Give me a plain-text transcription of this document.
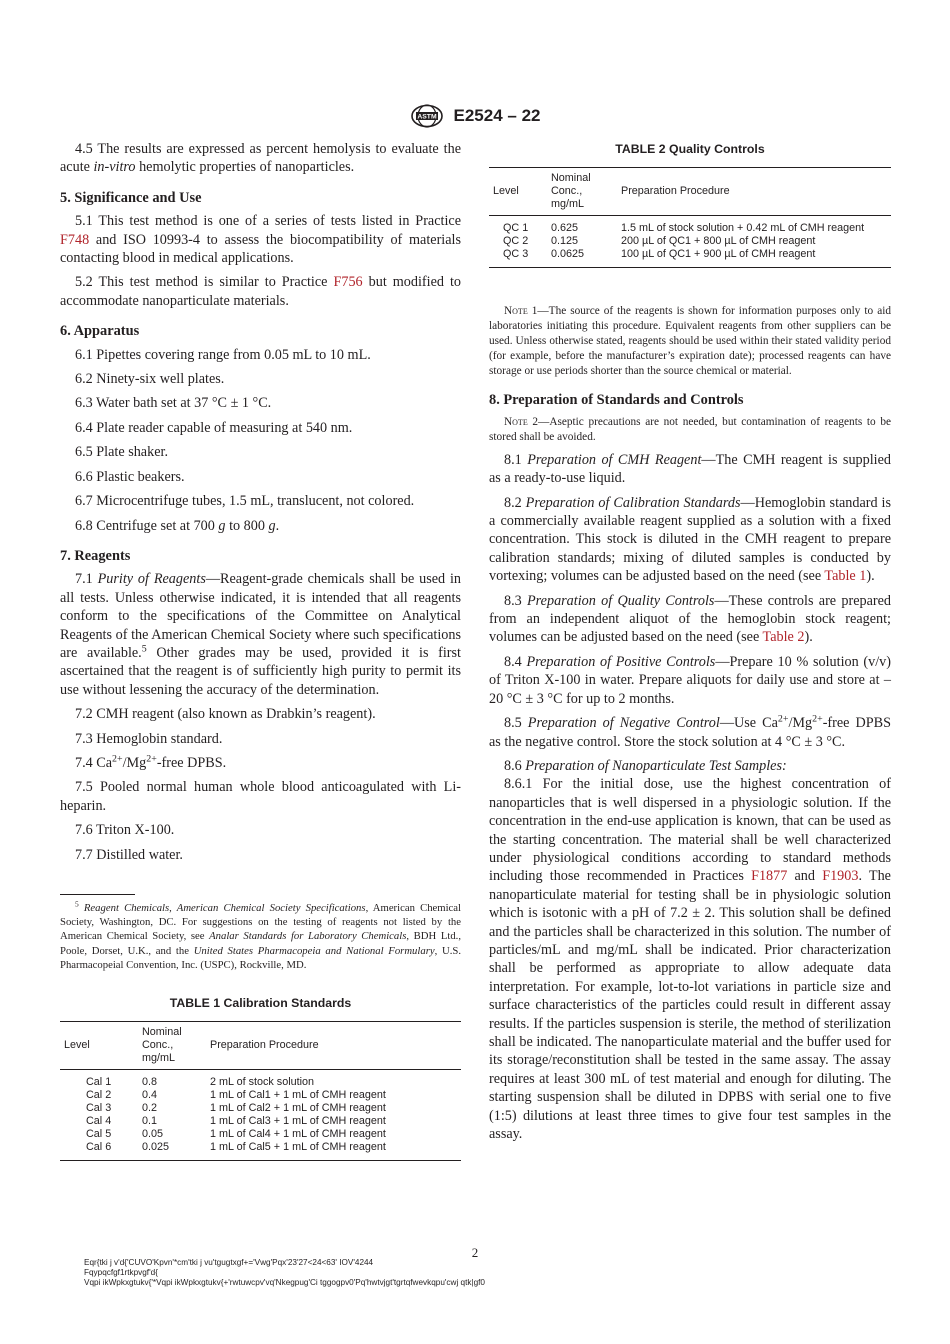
ASTM E2524 – 22

4.5 The results are expressed as percent hemolysis to evaluate the acute in-vitro hemolytic properties of nanoparticles.

5. Significance and Use

5.1 This test method is one of a series of tests listed in Practice F748 and ISO 10993-4 to assess the biocompatibility of materials contacting blood in medical applications.

5.2 This test method is similar to Practice F756 but modified to accommodate nanoparticulate materials.

6. Apparatus

6.1 Pipettes covering range from 0.05 mL to 10 mL.

6.2 Ninety-six well plates.

6.3 Water bath set at 37 °C ± 1 °C.

6.4 Plate reader capable of measuring at 540 nm.

6.5 Plate shaker.

6.6 Plastic beakers.

6.7 Microcentrifuge tubes, 1.5 mL, translucent, not colored.

6.8 Centrifuge set at 700 g to 800 g.

7. Reagents

7.1 Purity of Reagents—Reagent-grade chemicals shall be used in all tests. Unless otherwise indicated, it is intended that all reagents conform to the specifications of the Committee on Analytical Reagents of the American Chemical Society where such specifications are available.$^5$ Other grades may be used, provided it is first ascertained that the reagent is of sufficiently high purity to permit its use without lessening the accuracy of the determination.

7.2 CMH reagent (also known as Drabkin’s reagent).

7.3 Hemoglobin standard.

7.4 $Ca^{2+}/Mg^{2+}$-free DPBS.

7.5 Pooled normal human whole blood anticoagulated with Li-heparin.

7.6 Triton X-100.

7.7 Distilled water.

$^5$ Reagent Chemicals, American Chemical Society Specifications, American Chemical Society, Washington, DC. For suggestions on the testing of reagents not listed by the American Chemical Society, see Analar Standards for Laboratory Chemicals, BDH Ltd., Poole, Dorset, U.K., and the United States Pharmacopeia and National Formulary, U.S. Pharmacopeial Convention, Inc. (USPC), Rockville, MD.
TABLE 1 Calibration Standards
Level	Nominal Conc., mg/mL	Preparation Procedure
Cal 1	0.8	2 mL of stock solution
Cal 2	0.4	1 mL of Cal1 + 1 mL of CMH reagent
Cal 3	0.2	1 mL of Cal2 + 1 mL of CMH reagent
Cal 4	0.1	1 mL of Cal3 + 1 mL of CMH reagent
Cal 5	0.05	1 mL of Cal4 + 1 mL of CMH reagent
Cal 6	0.025	1 mL of Cal5 + 1 mL of CMH reagent
TABLE 2 Quality Controls
Level	Nominal Conc., mg/mL	Preparation Procedure
QC 1	0.625	1.5 mL of stock solution + 0.42 mL of CMH reagent
QC 2	0.125	200 µL of QC1 + 800 µL of CMH reagent
QC 3	0.0625	100 µL of QC1 + 900 µL of CMH reagent
Note 1—The source of the reagents is shown for information purposes only to aid laboratories initiating this procedure. Equivalent reagents from other suppliers can be used. Unless otherwise stated, reagents should be used within their stated validity period (for example, before the manufacturer’s expiration date); processed reagents can have storage or use periods shorter than the source chemical or material.
8. Preparation of Standards and Controls
Note 2—Aseptic precautions are not needed, but contamination of reagents to be stored shall be avoided.

8.1 Preparation of CMH Reagent—The CMH reagent is supplied as a ready-to-use liquid.

8.2 Preparation of Calibration Standards—Hemoglobin standard is a commercially available reagent supplied as a solution with a fixed concentration. This stock is diluted in the CMH reagent to prepare calibration standards; mixing of diluted samples is conducted by vortexing; volumes can be adjusted based on the need (see Table 1).

8.3 Preparation of Quality Controls—These controls are prepared from an independent aliquot of the hemoglobin stock reagent; volumes can be adjusted based on the need (see Table 2).

8.4 Preparation of Positive Controls—Prepare 10 % solution (v/v) of Triton X-100 in water. Prepare aliquots for daily use and store at –20 °C ± 3 °C for up to 2 months.

8.5 Preparation of Negative Control—Use $Ca^{2+}/Mg^{2+}$-free DPBS as the negative control. Store the stock solution at 4 °C ± 3 °C.

8.6 Preparation of Nanoparticulate Test Samples:

8.6.1 For the initial dose, use the highest concentration of nanoparticles that is well dispersed in a physiologic solution. If the concentration in the end-use application is known, that can be used as the starting concentration. The material shall be well characterized under physiological conditions according to standard methods including those recommended in Practices F1877 and F1903. The nanoparticulate material for testing shall be in physiologic solution which is isotonic with a pH of 7.2 ± 2. This solution shall be defined and the particles shall be characterized in this solution. The number of particles/mL and mg/mL shall be indicated. Prior characterization shall be performed as appropriate to allow adequate data interpretation. For example, lot-to-lot variations in particle size and surface characteristics of the particles could result in different assay results. If the particles suspension is sterile, the method of sterilization shall be indicated. The nanoparticulate material and the buffer used for its storage/reconstitution shall be tested in the same assay. The assay requires at least 300 mL of test material and enough for diluting. The starting suspension shall be diluted in DPBS with serial one to five (1:5) dilutions at least three times to give four test samples in the assay.

2
Eqr{tki j v'd{'CUVO'Kpvn'*cm'tki j vu'tgugtxgf+='Vwg'Pqx'23'27<24<63' IOV'4244
Fqypqcfgf1rtkpvgf'd{
Vqpi ikWpkxgtukv{'*Vqpi ikWpkxgtukv{+'rwtuwcpv'vq'Nkegpug'Ci tggogpv0'Pq'hwtvjgt'tgrtqfwevkqpu'cwj qtk|gf0
